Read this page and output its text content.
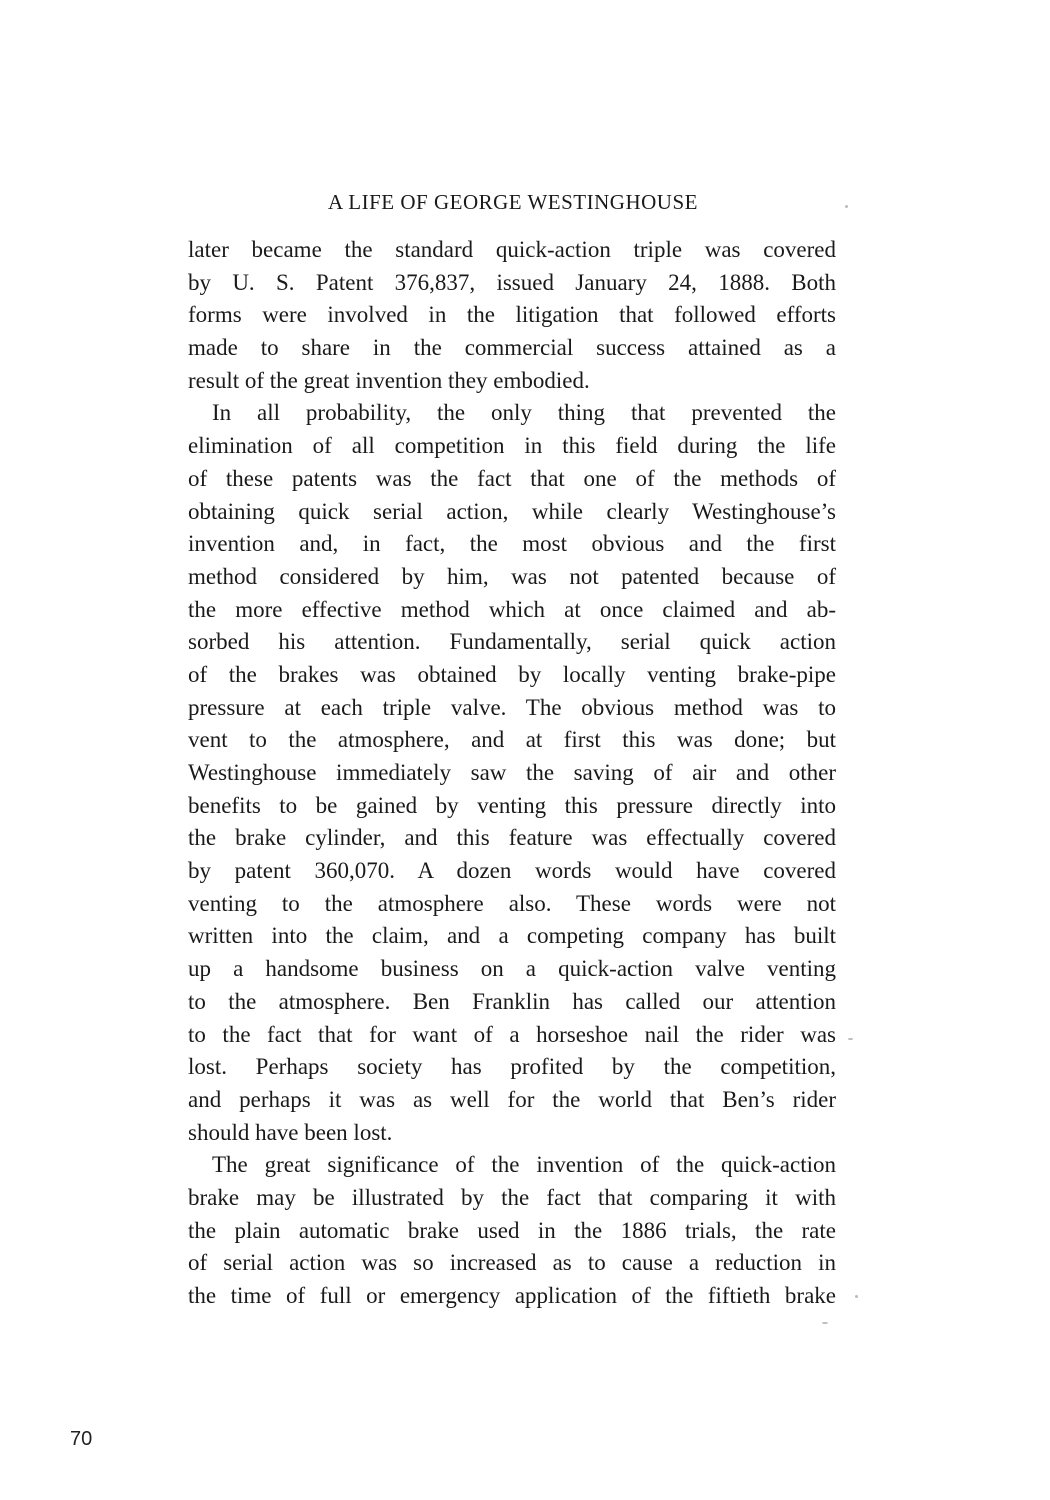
A LIFE OF GEORGE WESTINGHOUSE
later became the standard quick-action triple was covered
by U. S. Patent 376,837, issued January 24, 1888. Both
forms were involved in the litigation that followed efforts
made to share in the commercial success attained as a
result of the great invention they embodied.
In all probability, the only thing that prevented the
elimination of all competition in this field during the life
of these patents was the fact that one of the methods of
obtaining quick serial action, while clearly Westinghouse’s
invention and, in fact, the most obvious and the first
method considered by him, was not patented because of
the more effective method which at once claimed and ab-
sorbed his attention. Fundamentally, serial quick action
of the brakes was obtained by locally venting brake-pipe
pressure at each triple valve. The obvious method was to
vent to the atmosphere, and at first this was done; but
Westinghouse immediately saw the saving of air and other
benefits to be gained by venting this pressure directly into
the brake cylinder, and this feature was effectually covered
by patent 360,070. A dozen words would have covered
venting to the atmosphere also. These words were not
written into the claim, and a competing company has built
up a handsome business on a quick-action valve venting
to the atmosphere. Ben Franklin has called our attention
to the fact that for want of a horseshoe nail the rider was
lost. Perhaps society has profited by the competition,
and perhaps it was as well for the world that Ben’s rider
should have been lost.
The great significance of the invention of the quick-action
brake may be illustrated by the fact that comparing it with
the plain automatic brake used in the 1886 trials, the rate
of serial action was so increased as to cause a reduction in
the time of full or emergency application of the fiftieth brake
70
